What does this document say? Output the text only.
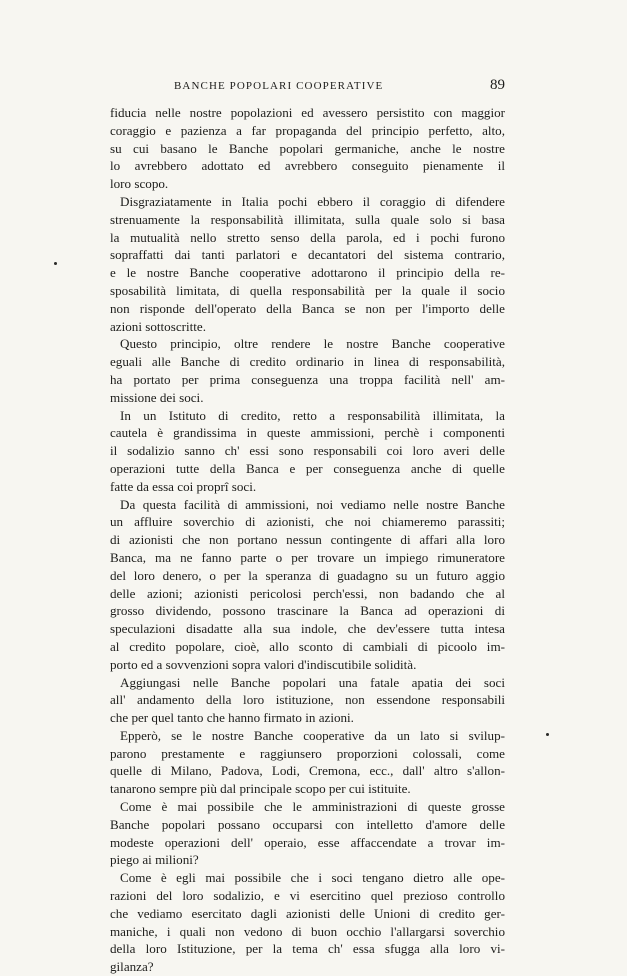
BANCHE POPOLARI COOPERATIVE	89
fiducia nelle nostre popolazioni ed avessero persistito con maggior
coraggio e pazienza a far propaganda del principio perfetto, alto,
su cui basano le Banche popolari germaniche, anche le nostre
lo avrebbero adottato ed avrebbero conseguito pienamente il
loro scopo.
Disgraziatamente in Italia pochi ebbero il coraggio di difendere
strenuamente la responsabilità illimitata, sulla quale solo si basa
la mutualità nello stretto senso della parola, ed i pochi furono
sopraffatti dai tanti parlatori e decantatori del sistema contrario,
e le nostre Banche cooperative adottarono il principio della re-
sposabilità limitata, di quella responsabilità per la quale il socio
non risponde dell'operato della Banca se non per l'importo delle
azioni sottoscritte.
Questo principio, oltre rendere le nostre Banche cooperative
eguali alle Banche di credito ordinario in linea di responsabilità,
ha portato per prima conseguenza una troppa facilità nell' am-
missione dei soci.
In un Istituto di credito, retto a responsabilità illimitata, la
cautela è grandissima in queste ammissioni, perchè i componenti
il sodalizio sanno ch' essi sono responsabili coi loro averi delle
operazioni tutte della Banca e per conseguenza anche di quelle
fatte da essa coi proprî soci.
Da questa facilità di ammissioni, noi vediamo nelle nostre Banche
un affluire soverchio di azionisti, che noi chiameremo parassiti;
di azionisti che non portano nessun contingente di affari alla loro
Banca, ma ne fanno parte o per trovare un impiego rimuneratore
del loro denero, o per la speranza di guadagno su un futuro aggio
delle azioni; azionisti pericolosi perch'essi, non badando che al
grosso dividendo, possono trascinare la Banca ad operazioni di
speculazioni disadatte alla sua indole, che dev'essere tutta intesa
al credito popolare, cioè, allo sconto di cambiali di picoolo im-
porto ed a sovvenzioni sopra valori d'indiscutibile solidità.
Aggiungasi nelle Banche popolari una fatale apatia dei soci
all' andamento della loro istituzione, non essendone responsabili
che per quel tanto che hanno firmato in azioni.
Epperò, se le nostre Banche cooperative da un lato si svilup-
parono prestamente e raggiunsero proporzioni colossali, come
quelle di Milano, Padova, Lodi, Cremona, ecc., dall' altro s'allon-
tanarono sempre più dal principale scopo per cui istituite.
Come è mai possibile che le amministrazioni di queste grosse
Banche popolari possano occuparsi con intelletto d'amore delle
modeste operazioni dell' operaio, esse affaccendate a trovar im-
piego ai milioni?
Come è egli mai possibile che i soci tengano dietro alle ope-
razioni del loro sodalizio, e vi esercitino quel prezioso controllo
che vediamo esercitato dagli azionisti delle Unioni di credito ger-
maniche, i quali non vedono di buon occhio l'allargarsi soverchio
della loro Istituzione, per la tema ch' essa sfugga alla loro vi-
gilanza?
